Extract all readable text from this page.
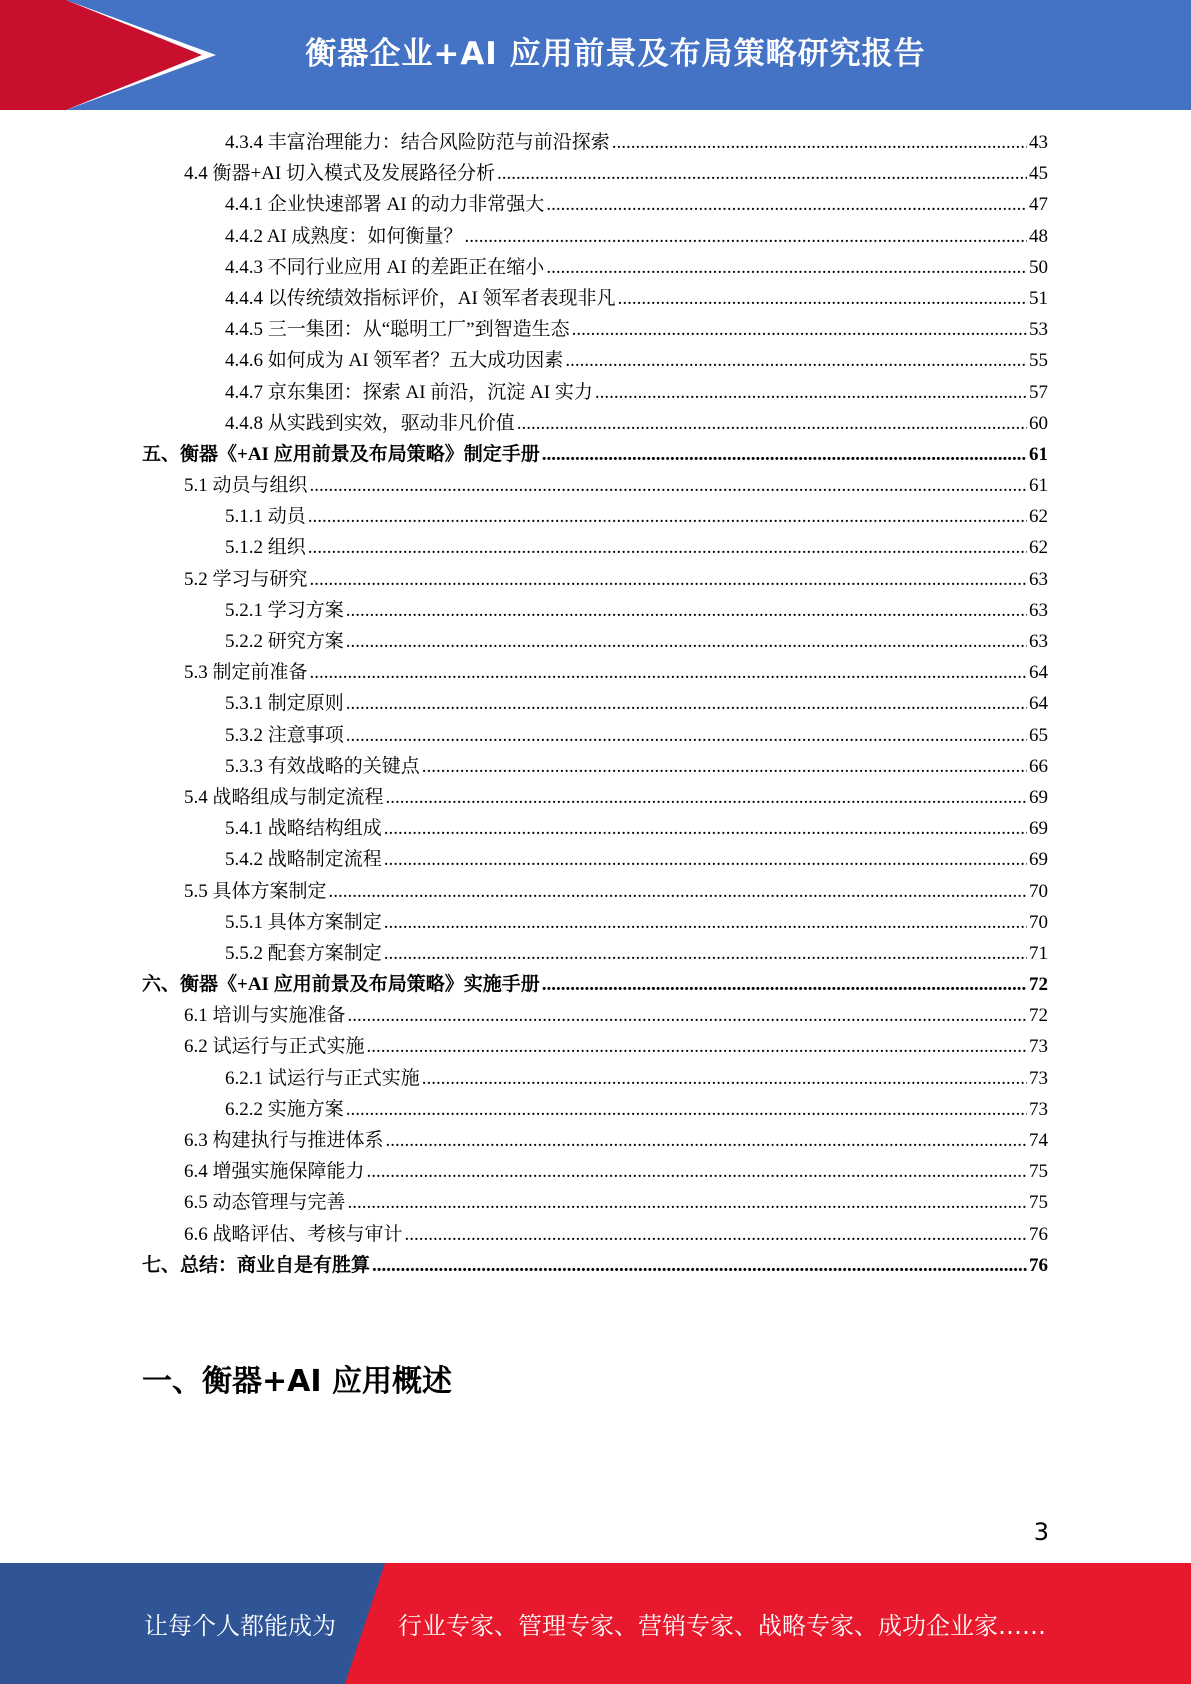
衡器企业+AI 应用前景及布局策略研究报告
4.3.4 丰富治理能力：结合风险防范与前沿探索 .....	43
4.4 衡器+AI 切入模式及发展路径分析 .....	45
4.4.1 企业快速部署 AI 的动力非常强大 .....	47
4.4.2 AI 成熟度：如何衡量？ .....	48
4.4.3 不同行业应用 AI 的差距正在缩小 .....	50
4.4.4 以传统绩效指标评价，AI 领军者表现非凡 .....	51
4.4.5 三一集团：从“聪明工厂”到智造生态 .....	53
4.4.6 如何成为 AI 领军者？五大成功因素 .....	55
4.4.7 京东集团：探索 AI 前沿，沉淀 AI 实力 .....	57
4.4.8 从实践到实效，驱动非凡价值 .....	60
五、衡器《+AI 应用前景及布局策略》制定手册 .....	61
5.1 动员与组织 .....	61
5.1.1 动员 .....	62
5.1.2 组织 .....	62
5.2 学习与研究 .....	63
5.2.1 学习方案 .....	63
5.2.2 研究方案 .....	63
5.3 制定前准备 .....	64
5.3.1 制定原则 .....	64
5.3.2 注意事项 .....	65
5.3.3 有效战略的关键点 .....	66
5.4 战略组成与制定流程 .....	69
5.4.1 战略结构组成 .....	69
5.4.2 战略制定流程 .....	69
5.5 具体方案制定 .....	70
5.5.1 具体方案制定 .....	70
5.5.2 配套方案制定 .....	71
六、衡器《+AI 应用前景及布局策略》实施手册 .....	72
6.1 培训与实施准备 .....	72
6.2 试运行与正式实施 .....	73
6.2.1 试运行与正式实施 .....	73
6.2.2 实施方案 .....	73
6.3 构建执行与推进体系 .....	74
6.4 增强实施保障能力 .....	75
6.5 动态管理与完善 .....	75
6.6 战略评估、考核与审计 .....	76
七、总结：商业自是有胜算 .....	76
一、衡器+AI 应用概述
3
让每个人都能成为	行业专家、管理专家、营销专家、战略专家、成功企业家……
